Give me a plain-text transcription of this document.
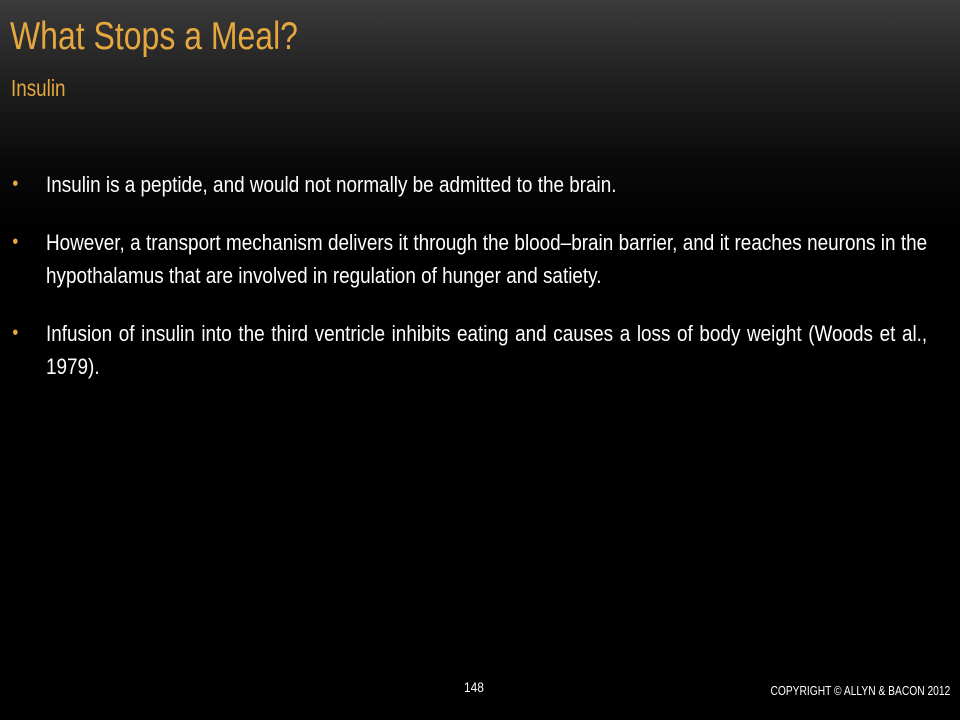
What Stops a Meal?
Insulin
• Insulin is a peptide, and would not normally be admitted to the brain.
• However, a transport mechanism delivers it through the blood–brain barrier, and it reaches neurons in the hypothalamus that are involved in regulation of hunger and satiety.
• Infusion of insulin into the third ventricle inhibits eating and causes a loss of body weight (Woods et al., 1979).
148	COPYRIGHT © ALLYN & BACON 2012
